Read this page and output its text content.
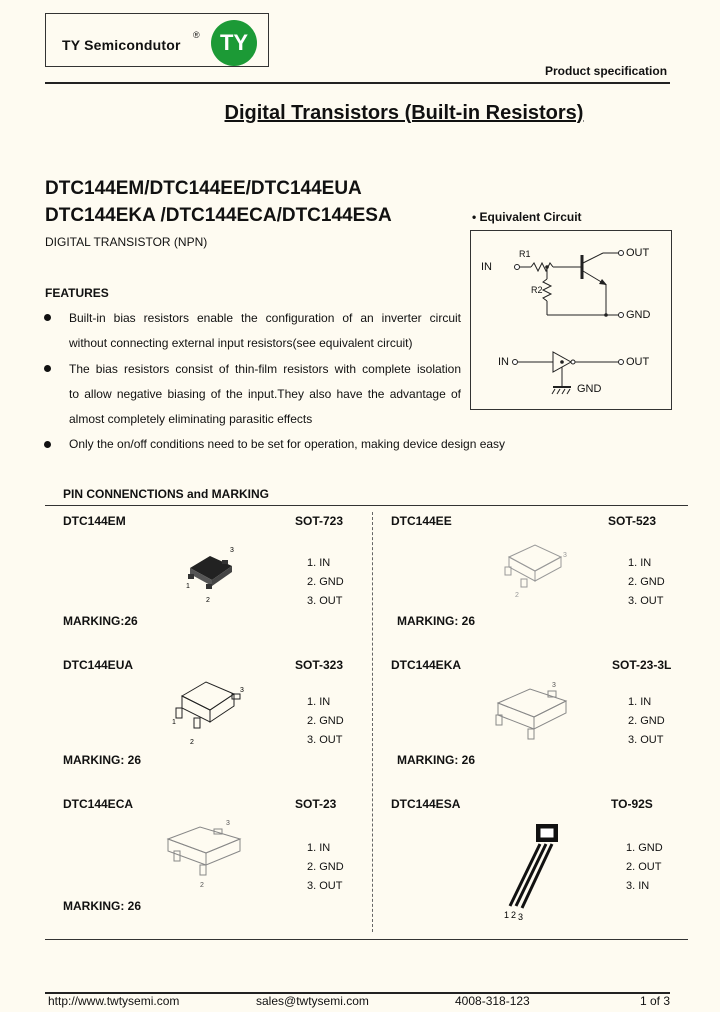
TY Semicondutor
® TY
Product specification
Digital Transistors (Built-in Resistors)
DTC144EM/DTC144EE/DTC144EUA
DTC144EKA /DTC144ECA/DTC144ESA
DIGITAL TRANSISTOR (NPN)
FEATURES
Built-in bias resistors enable the configuration of an inverter circuit
without connecting external input resistors(see equivalent circuit)
The bias resistors consist of thin-film resistors with complete isolation
to allow negative biasing of the input.They also have the advantage of
almost completely eliminating parasitic effects
Only the on/off conditions need to be set for operation, making device design easy
• Equivalent Circuit
IN
R1
R2
OUT
GND
IN	OUT
GND
PIN CONNENCTIONS and MARKING
DTC144EM	SOT-723
3
1
2
1. IN
2. GND
3. OUT
MARKING:26
DTC144EE	SOT-523
3
2
1. IN
2. GND
3. OUT
MARKING: 26
DTC144EUA	SOT-323
3
1
2
1. IN
2. GND
3. OUT
MARKING: 26
DTC144EKA	SOT-23-3L
3
1. IN
2. GND
3. OUT
MARKING: 26
DTC144ECA	SOT-23
3
2
1. IN
2. GND
3. OUT
MARKING: 26
DTC144ESA	TO-92S
1 2 3
1. GND
2. OUT
3. IN
http://www.twtysemi.com	sales@twtysemi.com	4008-318-123	1 of 3
